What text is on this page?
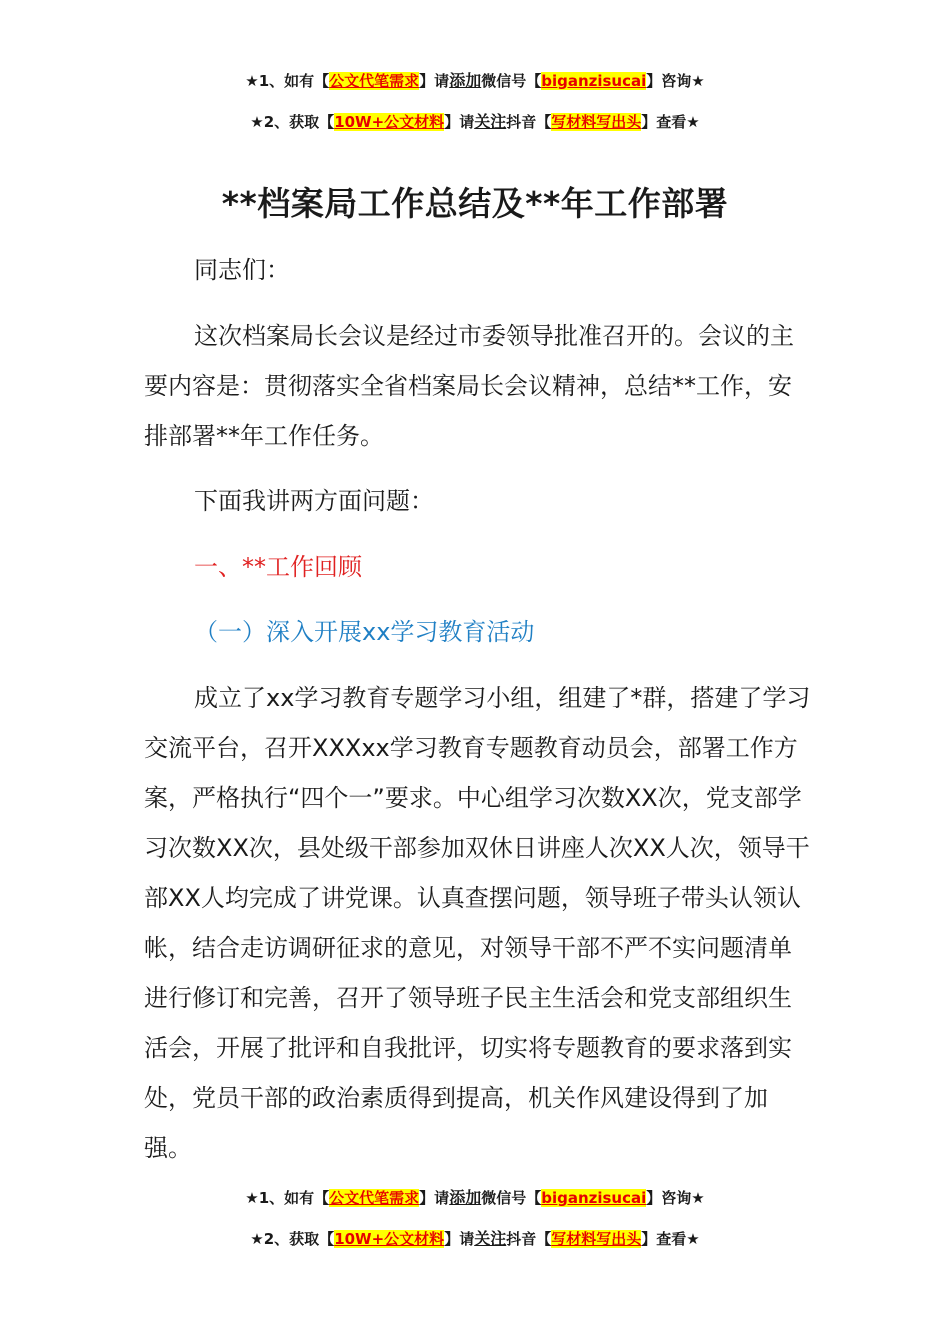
★1、如有【公文代笔需求】请添加微信号【biganzisucai】咨询★
★2、获取【10W+公文材料】请关注抖音【写材料写出头】查看★
**档案局工作总结及**年工作部署
同志们：
这次档案局长会议是经过市委领导批准召开的。会议的主要内容是：贯彻落实全省档案局长会议精神，总结**工作，安排部署**年工作任务。
下面我讲两方面问题：
一、**工作回顾
（一）深入开展xx学习教育活动
成立了xx学习教育专题学习小组，组建了*群，搭建了学习交流平台，召开XXXxx学习教育专题教育动员会，部署工作方案，严格执行“四个一”要求。中心组学习次数XX次，党支部学习次数XX次，县处级干部参加双休日讲座人次XX人次，领导干部XX人均完成了讲党课。认真查摆问题，领导班子带头认领认帐，结合走访调研征求的意见，对领导干部不严不实问题清单进行修订和完善，召开了领导班子民主生活会和党支部组织生活会，开展了批评和自我批评，切实将专题教育的要求落到实处，党员干部的政治素质得到提高，机关作风建设得到了加强。
★1、如有【公文代笔需求】请添加微信号【biganzisucai】咨询★
★2、获取【10W+公文材料】请关注抖音【写材料写出头】查看★
